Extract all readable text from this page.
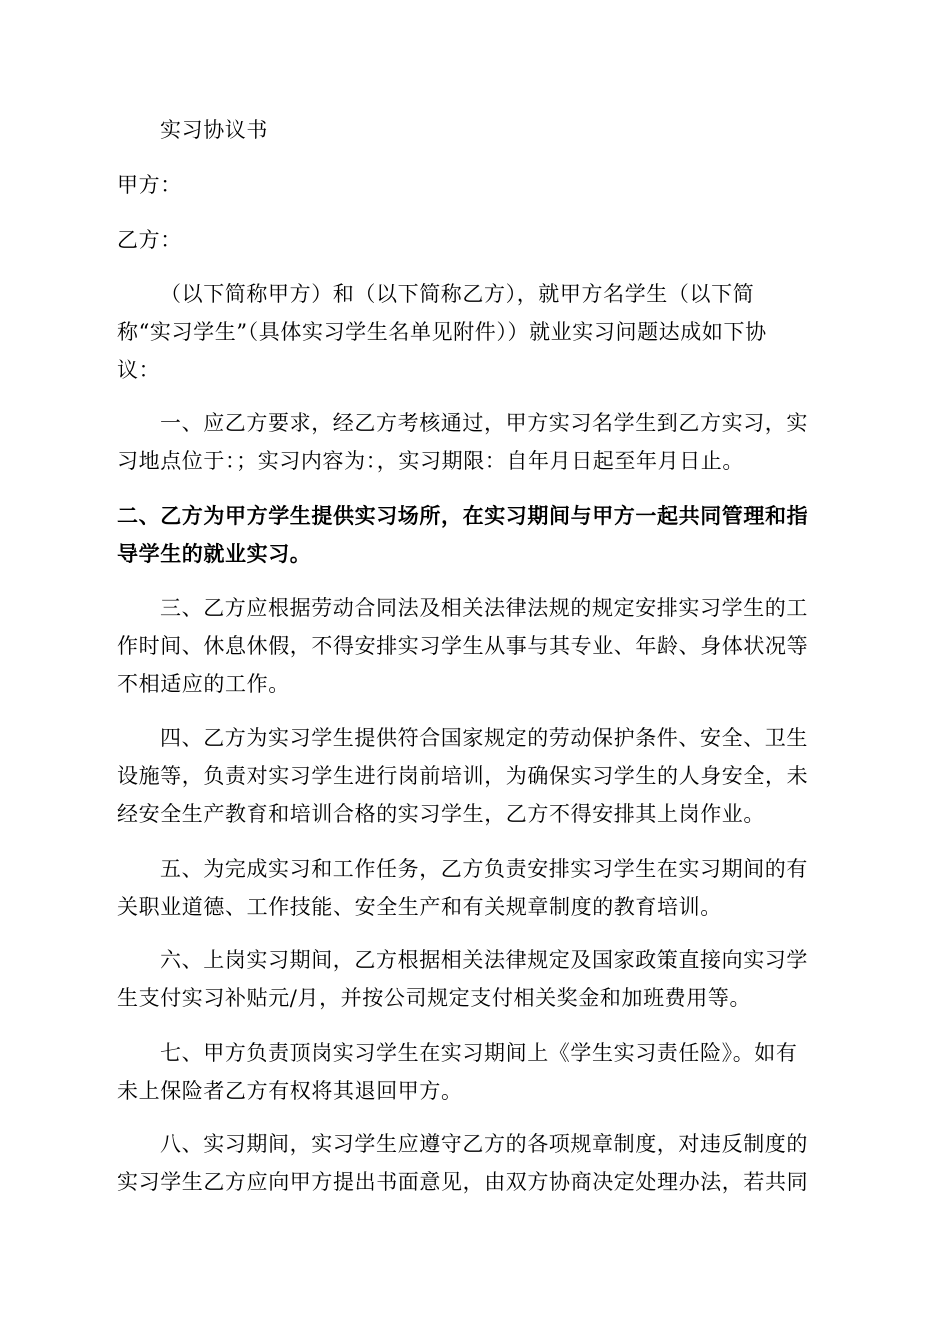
实习协议书
甲方：
乙方：
（以下简称甲方）和（以下简称乙方），就甲方名学生（以下简
称“实习学生”（具体实习学生名单见附件））就业实习问题达成如下协
议：
一、应乙方要求，经乙方考核通过，甲方实习名学生到乙方实习，实
习地点位于：；实习内容为：，实习期限：自年月日起至年月日止。
二、乙方为甲方学生提供实习场所，在实习期间与甲方一起共同管理和指
导学生的就业实习。
三、乙方应根据劳动合同法及相关法律法规的规定安排实习学生的工
作时间、休息休假，不得安排实习学生从事与其专业、年龄、身体状况等
不相适应的工作。
四、乙方为实习学生提供符合国家规定的劳动保护条件、安全、卫生
设施等，负责对实习学生进行岗前培训，为确保实习学生的人身安全，未
经安全生产教育和培训合格的实习学生，乙方不得安排其上岗作业。
五、为完成实习和工作任务，乙方负责安排实习学生在实习期间的有
关职业道德、工作技能、安全生产和有关规章制度的教育培训。
六、上岗实习期间，乙方根据相关法律规定及国家政策直接向实习学
生支付实习补贴元/月，并按公司规定支付相关奖金和加班费用等。
七、甲方负责顶岗实习学生在实习期间上《学生实习责任险》。如有
未上保险者乙方有权将其退回甲方。
八、实习期间，实习学生应遵守乙方的各项规章制度，对违反制度的
实习学生乙方应向甲方提出书面意见，由双方协商决定处理办法，若共同
